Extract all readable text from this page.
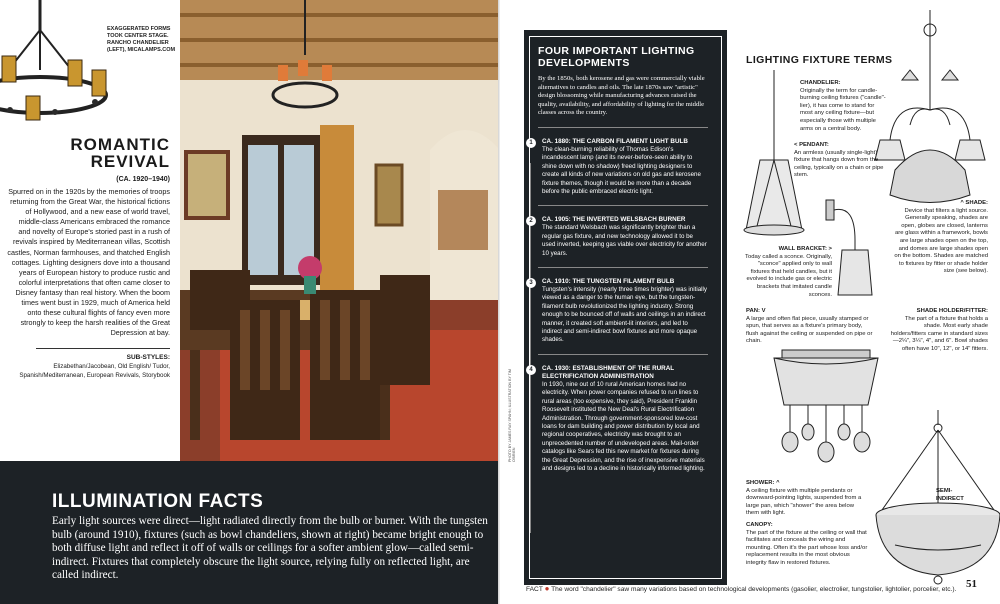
EXAGGERATED FORMS TOOK CENTER STAGE. RANCHO CHANDELIER (LEFT), MICALAMPS.COM
ROMANTIC
REVIVAL
(CA. 1920–1940)
Spurred on in the 1920s by the memories of troops returning from the Great War, the historical fictions of Hollywood, and a new ease of world travel, middle-class Americans embraced the romance and novelty of Europe's storied past in a rush of revivals inspired by Mediterranean villas, Scottish castles, Norman farmhouses, and thatched English cottages. Lighting designers dove into a thousand years of European history to produce rustic and colorful interpretations that often came closer to Disney fantasy than real history. When the boom times went bust in 1929, much of America held onto these cultural flights of fancy even more strongly to keep the harsh realities of the Great Depression at bay.
SUB-STYLES:
Elizabethan/Jacobean, Old English/ Tudor, Spanish/Mediterranean, European Revivals, Storybook
ILLUMINATION FACTS
Early light sources were direct—light radiated directly from the bulb or burner. With the tungsten bulb (around 1910), fixtures (such as bowl chandeliers, shown at right) became bright enough to both diffuse light and reflect it off of walls or ceilings for a softer ambient glow—called semi-indirect. Fixtures that completely obscure the light source, relying fully on reflected light, are called indirect.
FOUR IMPORTANT LIGHTING DEVELOPMENTS
By the 1850s, both kerosene and gas were commercially viable alternatives to candles and oils. The late 1870s saw "artistic" design blossoming while manufacturing advances raised the quality, availability, and affordability of lighting for the middle classes across the country.
1	CA. 1880: THE CARBON FILAMENT LIGHT BULB
The clean-burning reliability of Thomas Edison's incandescent lamp (and its never-before-seen ability to shine down with no shadow) freed lighting designers to create all kinds of new variations on old gas and kerosene fixture themes, though it would be more than a decade before the public embraced electric light.
2	CA. 1905: THE INVERTED WELSBACH BURNER
The standard Welsbach was significantly brighter than a regular gas fixture, and new technology allowed it to be used inverted, keeping gas viable over electricity for another 10 years.
3	CA. 1910: THE TUNGSTEN FILAMENT BULB
Tungsten's intensity (nearly three times brighter) was initially viewed as a danger to the human eye, but the tungsten-filament bulb revolutionized the lighting industry. Strong enough to be bounced off of walls and ceilings in an indirect manner, it created soft ambient-lit interiors, and led to indirect and semi-indirect bowl fixtures and more opaque shades.
4	CA. 1930: ESTABLISHMENT OF THE RURAL ELECTRIFICATION ADMINISTRATION
In 1930, nine out of 10 rural American homes had no electricity. When power companies refused to run lines to rural areas (too expensive, they said), President Franklin Roosevelt instituted the New Deal's Rural Electrification Administration. Through government-sponsored low-cost loans for dam building and power distribution by local and regional cooperatives, electricity was brought to an unprecedented number of undeveloped areas. Mail-order catalogs like Sears fed this new market for fixtures during the Great Depression, and the rise of inexpensive materials and designs led to a decline in historically informed lighting.
LIGHTING FIXTURE TERMS
CHANDELIER:
Originally the term for candle-burning ceiling fixtures ("candle"-lier), it has come to stand for most any ceiling fixture—but especially those with multiple arms on a central body.
< PENDANT:
An armless (usually single-light) fixture that hangs down from the ceiling, typically on a chain or pipe stem.
WALL BRACKET: >
Today called a sconce. Originally, "sconce" applied only to wall fixtures that held candles, but it evolved to include gas or electric brackets that imitated candle sconces.
^ SHADE:
Device that filters a light source. Generally speaking, shades are open, globes are closed, lanterns are glass within a framework, bowls are large shades open on the top, and domes are large shades open on the bottom. Shades are matched to fixtures by fitter or shade holder size (see below).
PAN: V
A large and often flat piece, usually stamped or spun, that serves as a fixture's primary body, flush against the ceiling or suspended on pipe or chain.
SHADE HOLDER/FITTER:
The part of a fixture that holds a shade. Most early shade holders/fitters came in standard sizes—2¼", 3¼", 4", and 6". Bowl shades often have 10", 12", or 14" fitters.
SHOWER: ^
A ceiling fixture with multiple pendants or downward-pointing lights, suspended from a large pan, which "shower" the area below them with light.
CANOPY:
The part of the fixture at the ceiling or wall that facilitates and conceals the wiring and mounting. Often it's the part whose loss and/or replacement results in the most obvious integrity flaw in restored fixtures.
SEMI-INDIRECT
PHOTO BY JAMES RAY SPAHN; ILLUSTRATION BY TIM O'BRIEN
FACT ● The word "chandelier" saw many variations based on technological developments (gasolier, electrolier, tungstolier, lightolier, porcelier, etc.). 51
